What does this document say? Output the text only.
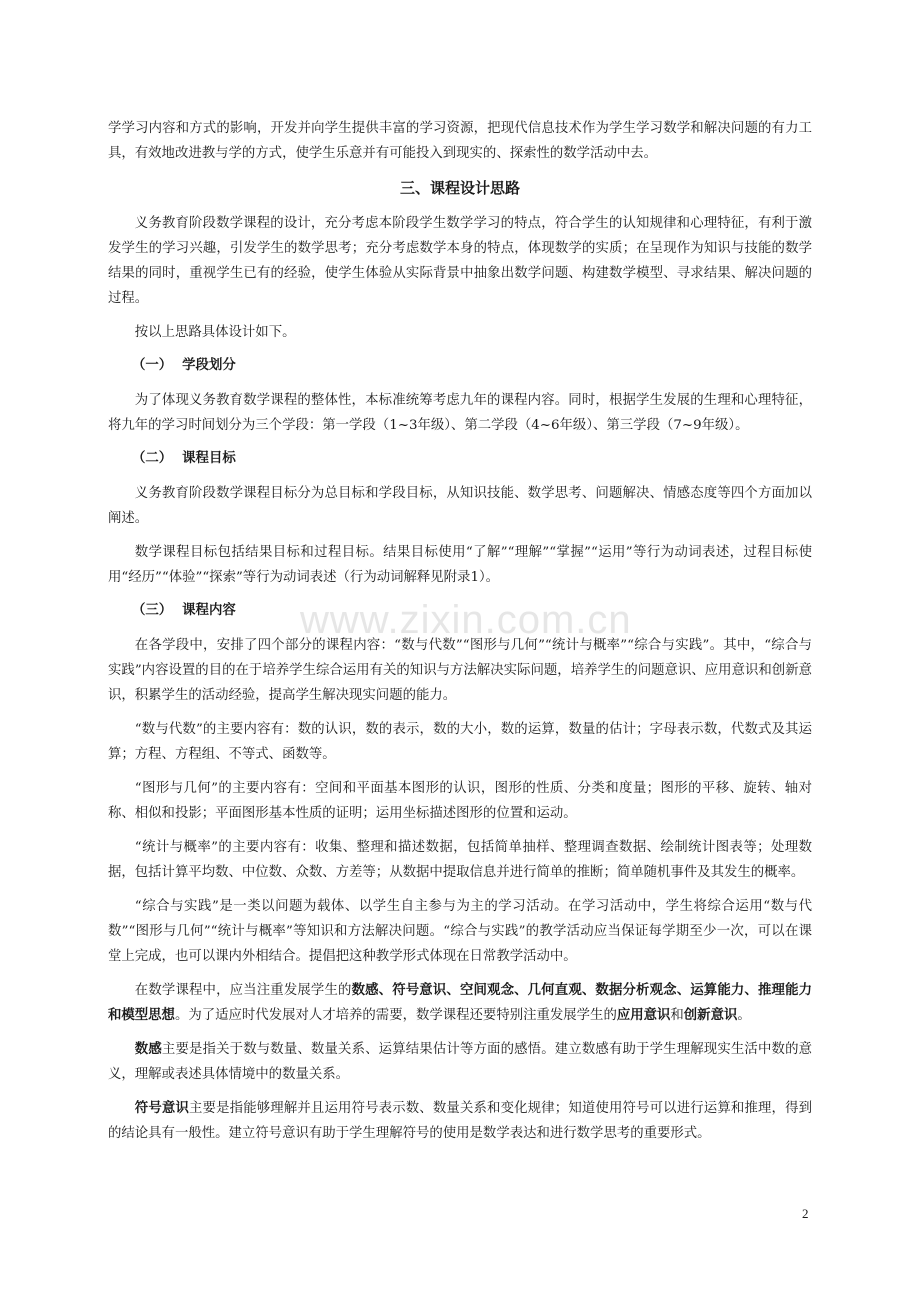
www.zixin.com.cn

学学习内容和方式的影响，开发并向学生提供丰富的学习资源，把现代信息技术作为学生学习数学和解决问题的有力工具，有效地改进教与学的方式，使学生乐意并有可能投入到现实的、探索性的数学活动中去。

三、课程设计思路

义务教育阶段数学课程的设计，充分考虑本阶段学生数学学习的特点，符合学生的认知规律和心理特征，有利于激发学生的学习兴趣，引发学生的数学思考；充分考虑数学本身的特点，体现数学的实质；在呈现作为知识与技能的数学结果的同时，重视学生已有的经验，使学生体验从实际背景中抽象出数学问题、构建数学模型、寻求结果、解决问题的过程。

按以上思路具体设计如下。

（一） 学段划分

为了体现义务教育数学课程的整体性，本标准统筹考虑九年的课程内容。同时，根据学生发展的生理和心理特征，将九年的学习时间划分为三个学段：第一学段（1~3年级）、第二学段（4~6年级）、第三学段（7~9年级）。

（二） 课程目标

义务教育阶段数学课程目标分为总目标和学段目标，从知识技能、数学思考、问题解决、情感态度等四个方面加以阐述。

数学课程目标包括结果目标和过程目标。结果目标使用“了解”“理解”“掌握”“运用”等行为动词表述，过程目标使用“经历”“体验”“探索”等行为动词表述（行为动词解释见附录1）。

（三） 课程内容

在各学段中，安排了四个部分的课程内容：“数与代数”“图形与几何”“统计与概率”“综合与实践”。其中，“综合与实践”内容设置的目的在于培养学生综合运用有关的知识与方法解决实际问题，培养学生的问题意识、应用意识和创新意识，积累学生的活动经验，提高学生解决现实问题的能力。

“数与代数”的主要内容有：数的认识，数的表示，数的大小，数的运算，数量的估计；字母表示数，代数式及其运算；方程、方程组、不等式、函数等。

“图形与几何”的主要内容有：空间和平面基本图形的认识，图形的性质、分类和度量；图形的平移、旋转、轴对称、相似和投影；平面图形基本性质的证明；运用坐标描述图形的位置和运动。

“统计与概率”的主要内容有：收集、整理和描述数据，包括简单抽样、整理调查数据、绘制统计图表等；处理数据，包括计算平均数、中位数、众数、方差等；从数据中提取信息并进行简单的推断；简单随机事件及其发生的概率。

“综合与实践”是一类以问题为载体、以学生自主参与为主的学习活动。在学习活动中，学生将综合运用“数与代数”“图形与几何”“统计与概率”等知识和方法解决问题。“综合与实践”的教学活动应当保证每学期至少一次，可以在课堂上完成，也可以课内外相结合。提倡把这种教学形式体现在日常教学活动中。

在数学课程中，应当注重发展学生的数感、符号意识、空间观念、几何直观、数据分析观念、运算能力、推理能力和模型思想。为了适应时代发展对人才培养的需要，数学课程还要特别注重发展学生的应用意识和创新意识。

数感主要是指关于数与数量、数量关系、运算结果估计等方面的感悟。建立数感有助于学生理解现实生活中数的意义，理解或表述具体情境中的数量关系。

符号意识主要是指能够理解并且运用符号表示数、数量关系和变化规律；知道使用符号可以进行运算和推理，得到的结论具有一般性。建立符号意识有助于学生理解符号的使用是数学表达和进行数学思考的重要形式。

2
